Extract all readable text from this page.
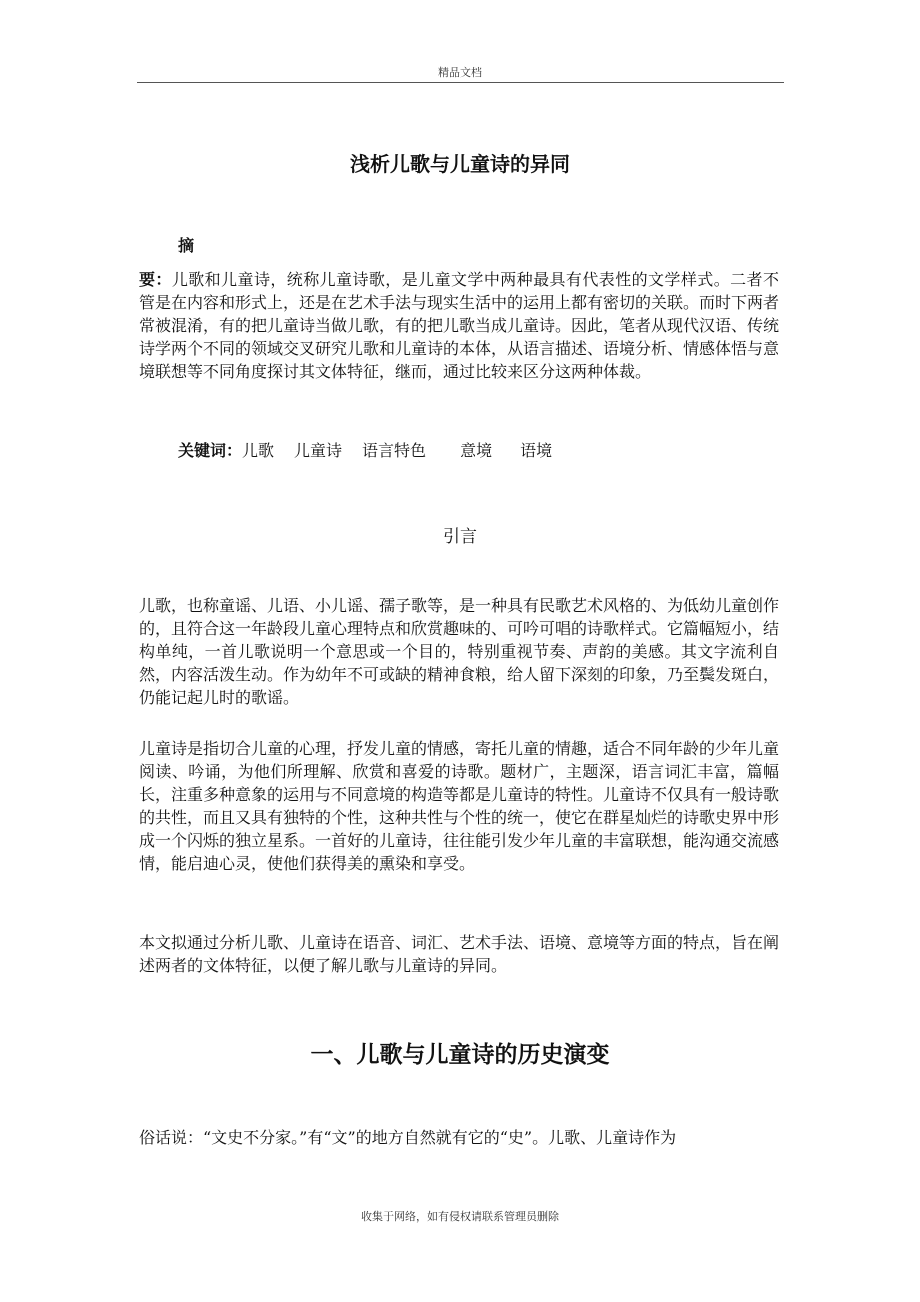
精品文档
浅析儿歌与儿童诗的异同
摘
要：儿歌和儿童诗，统称儿童诗歌，是儿童文学中两种最具有代表性的文学样式。二者不管是在内容和形式上，还是在艺术手法与现实生活中的运用上都有密切的关联。而时下两者常被混淆，有的把儿童诗当做儿歌，有的把儿歌当成儿童诗。因此，笔者从现代汉语、传统诗学两个不同的领域交叉研究儿歌和儿童诗的本体，从语言描述、语境分析、情感体悟与意境联想等不同角度探讨其文体特征，继而，通过比较来区分这两种体裁。
关键词：儿歌 儿童诗 语言特色 意境 语境
引言
儿歌，也称童谣、儿语、小儿谣、孺子歌等，是一种具有民歌艺术风格的、为低幼儿童创作的，且符合这一年龄段儿童心理特点和欣赏趣味的、可吟可唱的诗歌样式。它篇幅短小，结构单纯，一首儿歌说明一个意思或一个目的，特别重视节奏、声韵的美感。其文字流利自然，内容活泼生动。作为幼年不可或缺的精神食粮，给人留下深刻的印象，乃至鬓发斑白，仍能记起儿时的歌谣。
儿童诗是指切合儿童的心理，抒发儿童的情感，寄托儿童的情趣，适合不同年龄的少年儿童阅读、吟诵，为他们所理解、欣赏和喜爱的诗歌。题材广，主题深，语言词汇丰富，篇幅长，注重多种意象的运用与不同意境的构造等都是儿童诗的特性。儿童诗不仅具有一般诗歌的共性，而且又具有独特的个性，这种共性与个性的统一，使它在群星灿烂的诗歌史界中形成一个闪烁的独立星系。一首好的儿童诗，往往能引发少年儿童的丰富联想，能沟通交流感情，能启迪心灵，使他们获得美的熏染和享受。
本文拟通过分析儿歌、儿童诗在语音、词汇、艺术手法、语境、意境等方面的特点，旨在阐述两者的文体特征，以便了解儿歌与儿童诗的异同。
一、儿歌与儿童诗的历史演变
俗话说：“文史不分家。”有“文”的地方自然就有它的“史”。儿歌、儿童诗作为
收集于网络，如有侵权请联系管理员删除
